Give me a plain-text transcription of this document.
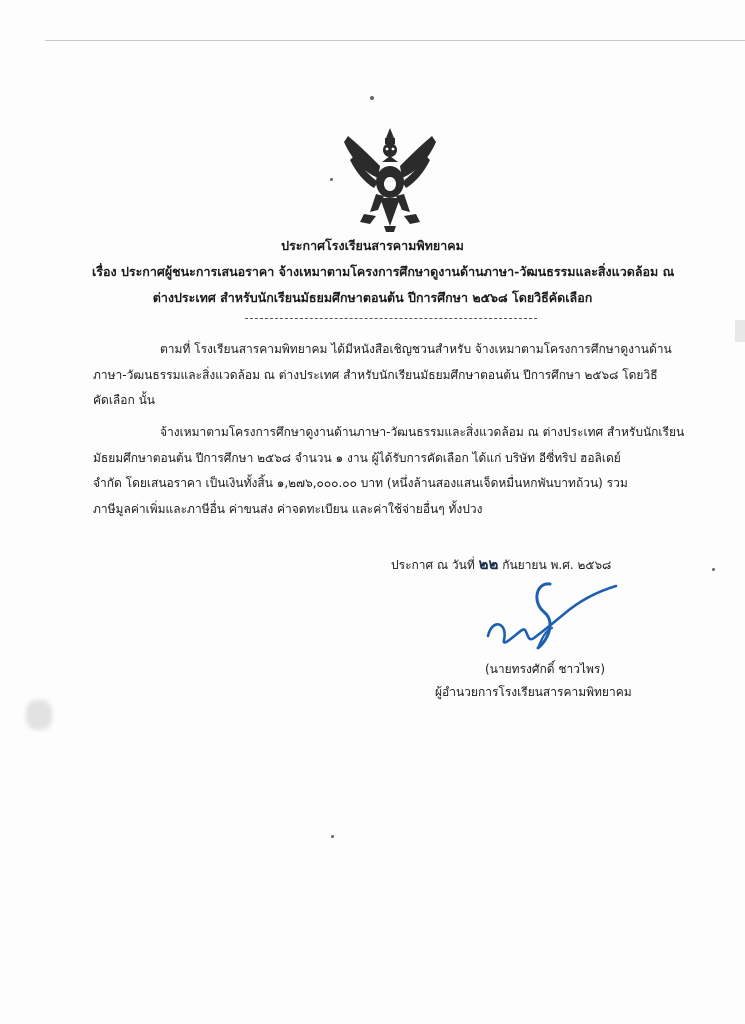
ประกาศโรงเรียนสารคามพิทยาคม
เรื่อง ประกาศผู้ชนะการเสนอราคา จ้างเหมาตามโครงการศึกษาดูงานด้านภาษา-วัฒนธรรมและสิ่งแวดล้อม ณ
ต่างประเทศ สำหรับนักเรียนมัธยมศึกษาตอนต้น ปีการศึกษา ๒๕๖๘ โดยวิธีคัดเลือก
ตามที่ โรงเรียนสารคามพิทยาคม ได้มีหนังสือเชิญชวนสำหรับ จ้างเหมาตามโครงการศึกษาดูงานด้าน
ภาษา-วัฒนธรรมและสิ่งแวดล้อม ณ ต่างประเทศ สำหรับนักเรียนมัธยมศึกษาตอนต้น ปีการศึกษา ๒๕๖๘ โดยวิธี
คัดเลือก นั้น
จ้างเหมาตามโครงการศึกษาดูงานด้านภาษา-วัฒนธรรมและสิ่งแวดล้อม ณ ต่างประเทศ สำหรับนักเรียน
มัธยมศึกษาตอนต้น ปีการศึกษา ๒๕๖๘ จำนวน ๑ งาน ผู้ได้รับการคัดเลือก ได้แก่ บริษัท อีซี่ทริป ฮอลิเดย์
จำกัด โดยเสนอราคา เป็นเงินทั้งสิ้น ๑,๒๗๖,๐๐๐.๐๐ บาท (หนึ่งล้านสองแสนเจ็ดหมื่นหกพันบาทถ้วน) รวม
ภาษีมูลค่าเพิ่มและภาษีอื่น ค่าขนส่ง ค่าจดทะเบียน และค่าใช้จ่ายอื่นๆ ทั้งปวง
ประกาศ ณ วันที่ ๒๒ กันยายน พ.ศ. ๒๕๖๘
(นายทรงศักดิ์ ชาวไพร)
ผู้อำนวยการโรงเรียนสารคามพิทยาคม
